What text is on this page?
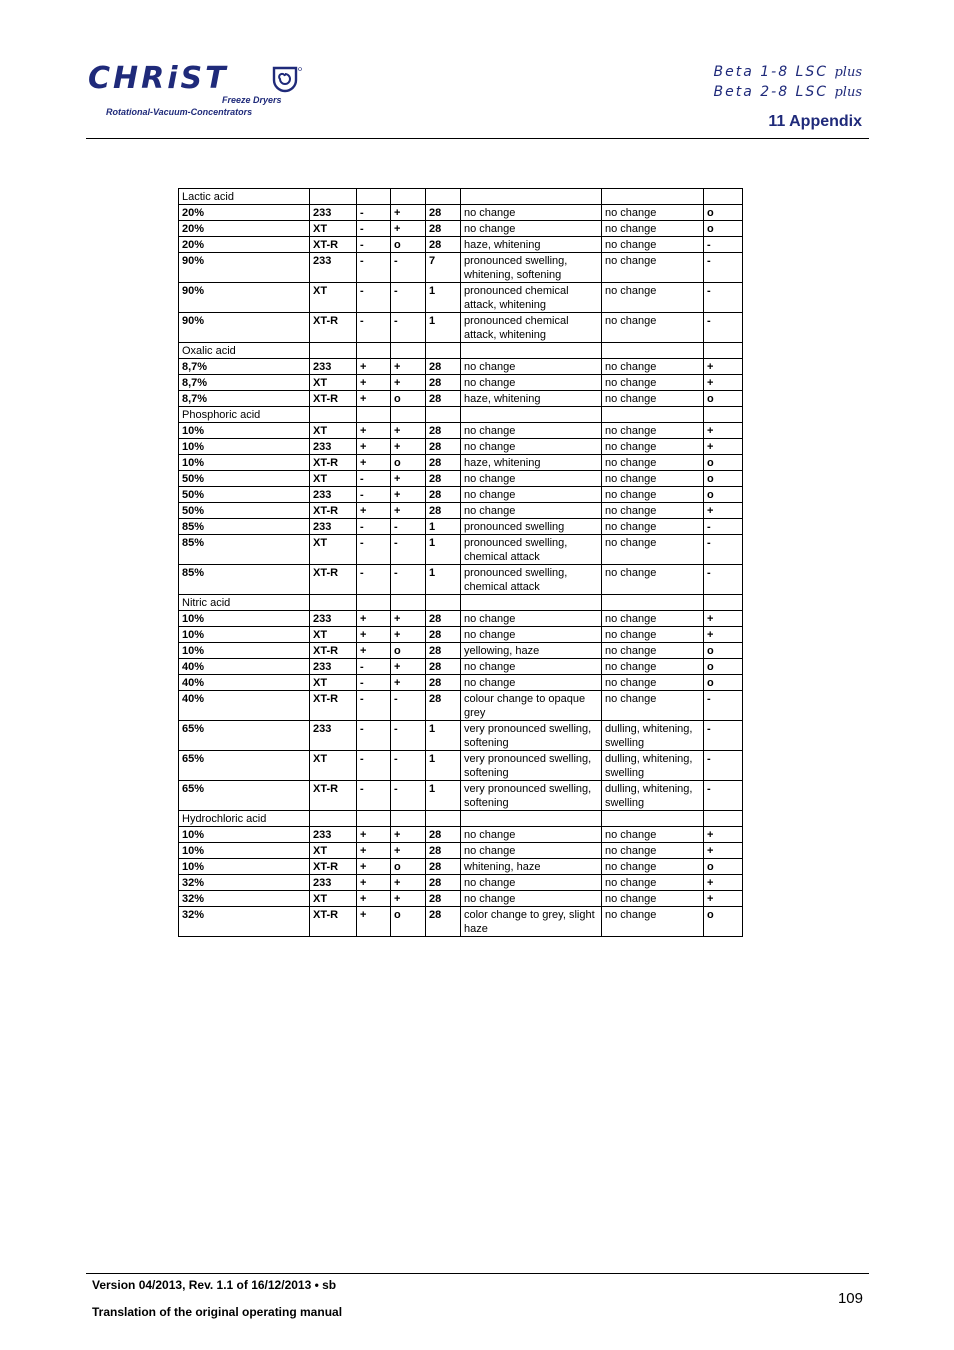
CHRiST
Freeze Dryers
Rotational-Vacuum-Concentrators
Beta 1-8 LSC plus
Beta 2-8 LSC plus
11 Appendix
Lactic acid							
20%	233	-	+	28	no change	no change	o
20%	XT	-	+	28	no change	no change	o
20%	XT-R	-	o	28	haze, whitening	no change	-
90%	233	-	-	7	pronounced swelling, whitening, softening	no change	-
90%	XT	-	-	1	pronounced chemical attack, whitening	no change	-
90%	XT-R	-	-	1	pronounced chemical attack, whitening	no change	-
Oxalic acid							
8,7%	233	+	+	28	no change	no change	+
8,7%	XT	+	+	28	no change	no change	+
8,7%	XT-R	+	o	28	haze, whitening	no change	o
Phosphoric acid							
10%	XT	+	+	28	no change	no change	+
10%	233	+	+	28	no change	no change	+
10%	XT-R	+	o	28	haze, whitening	no change	o
50%	XT	-	+	28	no change	no change	o
50%	233	-	+	28	no change	no change	o
50%	XT-R	+	+	28	no change	no change	+
85%	233	-	-	1	pronounced swelling	no change	-
85%	XT	-	-	1	pronounced swelling, chemical attack	no change	-
85%	XT-R	-	-	1	pronounced swelling, chemical attack	no change	-
Nitric acid							
10%	233	+	+	28	no change	no change	+
10%	XT	+	+	28	no change	no change	+
10%	XT-R	+	o	28	yellowing, haze	no change	o
40%	233	-	+	28	no change	no change	o
40%	XT	-	+	28	no change	no change	o
40%	XT-R	-	-	28	colour change to opaque grey	no change	-
65%	233	-	-	1	very pronounced swelling, softening	dulling, whitening, swelling	-
65%	XT	-	-	1	very pronounced swelling, softening	dulling, whitening, swelling	-
65%	XT-R	-	-	1	very pronounced swelling, softening	dulling, whitening, swelling	-
Hydrochloric acid							
10%	233	+	+	28	no change	no change	+
10%	XT	+	+	28	no change	no change	+
10%	XT-R	+	o	28	whitening, haze	no change	o
32%	233	+	+	28	no change	no change	+
32%	XT	+	+	28	no change	no change	+
32%	XT-R	+	o	28	color change to grey, slight haze	no change	o
Version 04/2013, Rev. 1.1 of 16/12/2013 • sb
Translation of the original operating manual
109
